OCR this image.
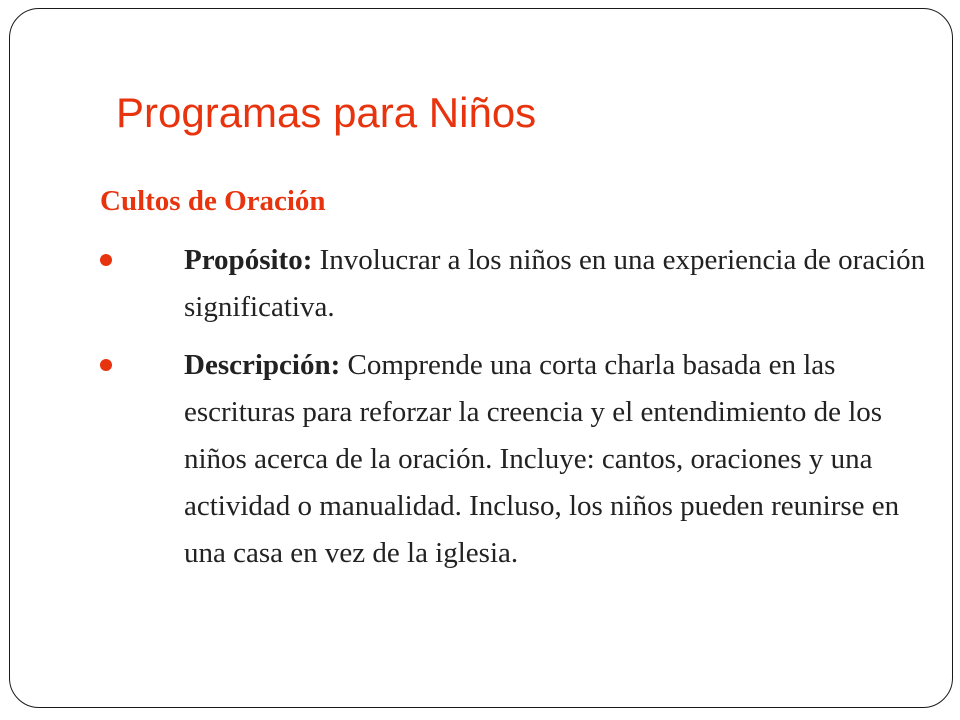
Programas para Niños
Cultos de Oración
Propósito: Involucrar a los niños en una experiencia de oración significativa.
Descripción: Comprende una corta charla basada en las escrituras para reforzar la creencia y el entendimiento de los niños acerca de la oración. Incluye: cantos, oraciones y una actividad o manualidad. Incluso, los niños pueden reunirse en una casa en vez de la iglesia.
